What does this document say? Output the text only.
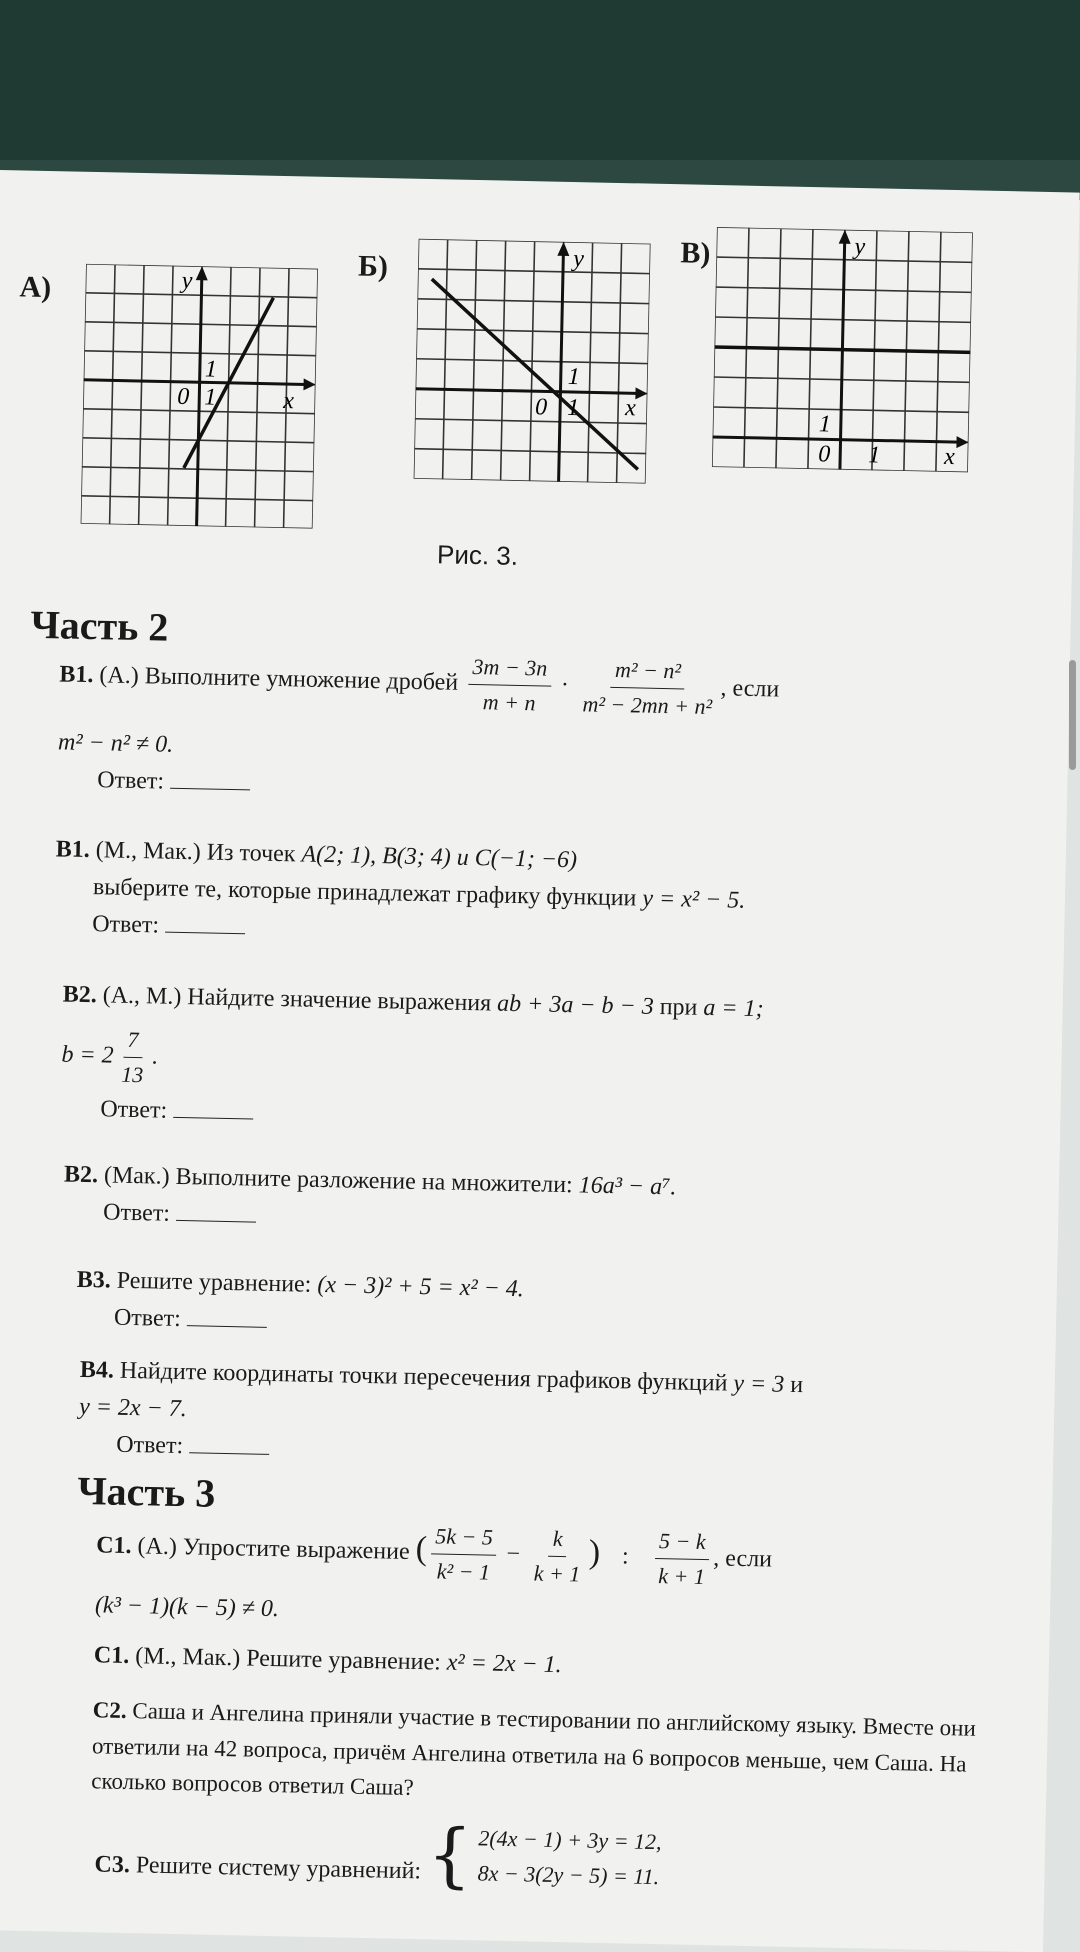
А)	y
x
0 1
1
Б)	y
x
0 1
1
В)	y
x
0 1
1
Рис. 3.
Часть 2
В1. (А.) Выполните умножение дробей $\frac{3m - 3n}{m + n} \cdot \frac{\text{m² − n²}}{\text{m² − 2mn + n²}}$ , если
m² − n² ≠ 0.
Ответ:
В1. (М., Мак.) Из точек A(2; 1), B(3; 4) и C(−1; −6)
выберите те, которые принадлежат графику функции y = x² − 5.
Ответ:
В2. (А., М.) Найдите значение выражения ab + 3a − b − 3 при a = 1;
$b = 2 \frac{7}{13}$ .
Ответ:
В2. (Мак.) Выполните разложение на множители: 16a³ − a⁷.
Ответ:
В3. Решите уравнение: (x − 3)² + 5 = x² − 4.
Ответ:
В4. Найдите координаты точки пересечения графиков функций y = 3 и
y = 2x − 7.
Ответ:
Часть 3
С1. (А.) Упростите выражение ( $\frac{5k - 5}{\text{k² − 1}} - \frac{k}{k + 1}$ ) : $\frac{5 - k}{k + 1}$ , если
(k³ − 1)(k − 5) ≠ 0.
С1. (М., Мак.) Решите уравнение: x² = 2x − 1.
С2. Саша и Ангелина приняли участие в тестировании по английскому языку. Вместе они ответили на 42 вопроса, причём Ангелина ответила на 6 вопросов меньше, чем Саша. На сколько вопросов ответил Саша?
С3. Решите систему уравнений: { 2(4x − 1) + 3y = 12,
8x − 3(2y − 5) = 11.
